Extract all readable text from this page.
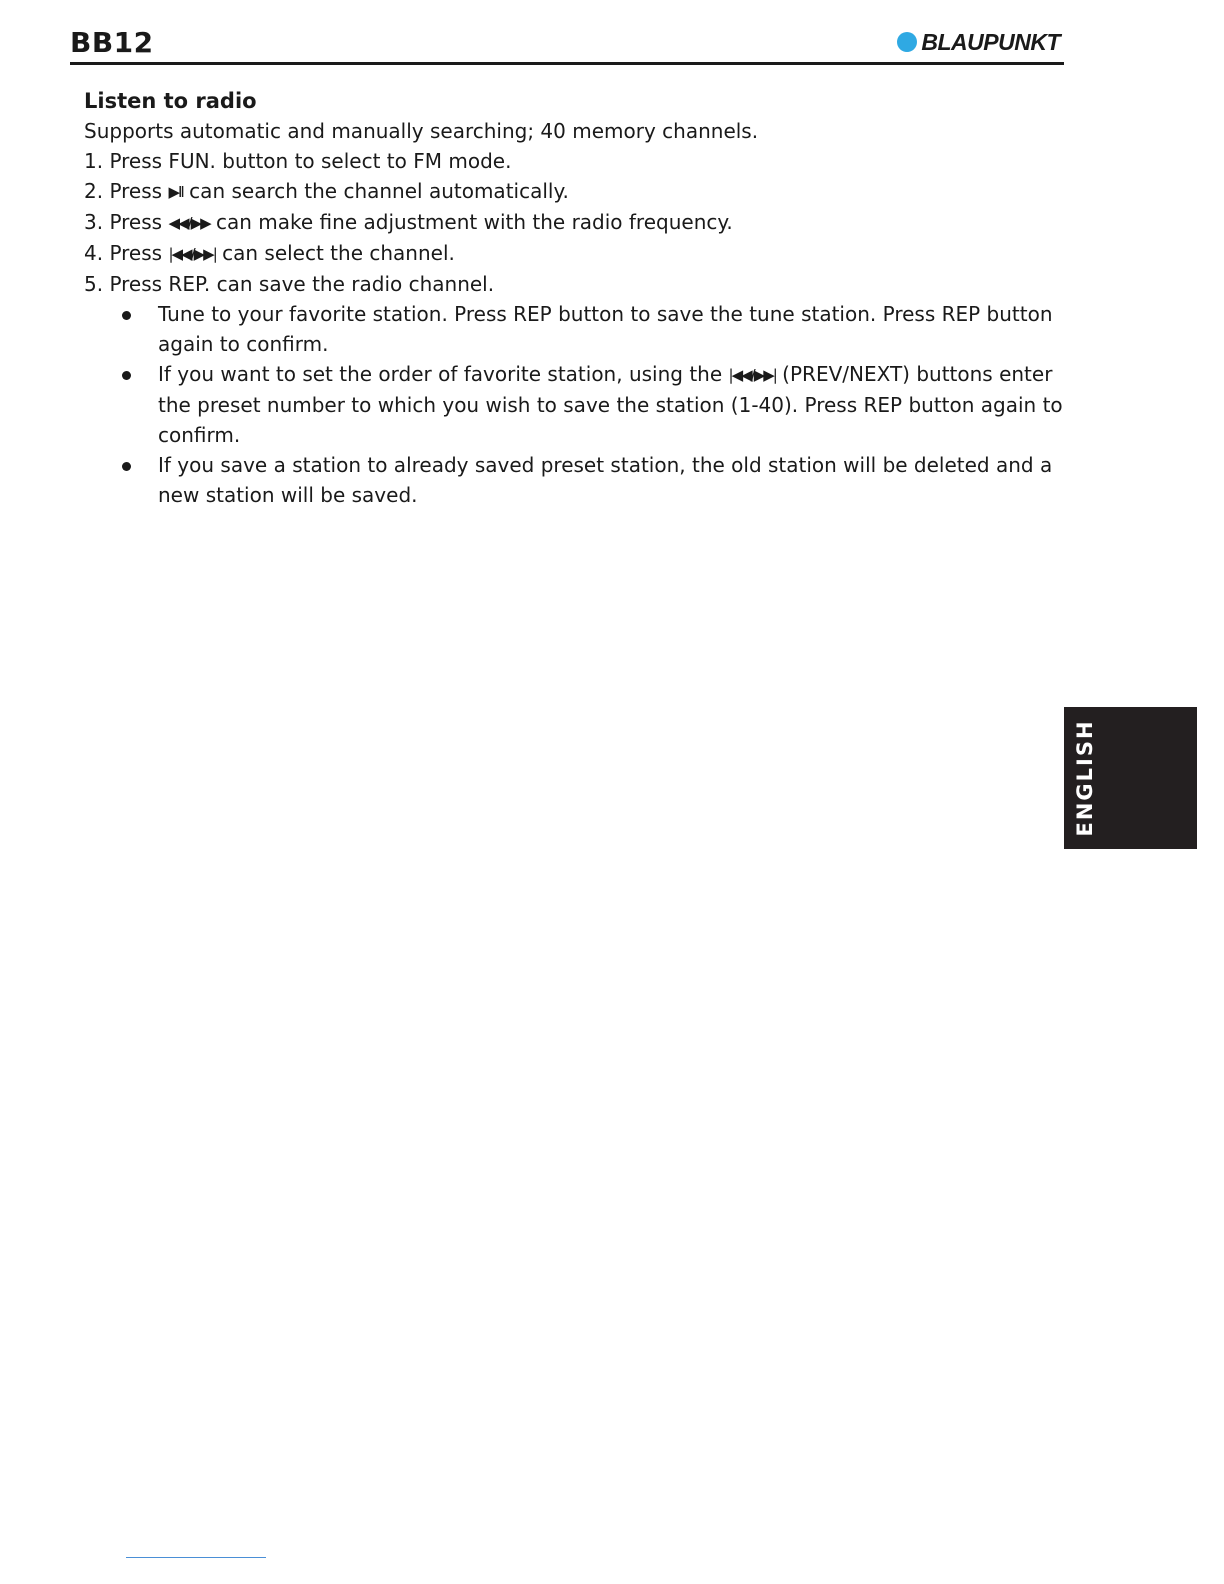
BB12	BLAUPUNKT
Listen to radio
Supports automatic and manually searching; 40 memory channels.
1. Press FUN. button to select to FM mode.
2. Press ▶II can search the channel automatically.
3. Press ◀◀/▶▶ can make fine adjustment with the radio frequency.
4. Press |◀◀/▶▶| can select the channel.
5. Press REP. can save the radio channel.
Tune to your favorite station. Press REP button to save the tune station. Press REP button again to confirm.
If you want to set the order of favorite station, using the |◀◀/▶▶| (PREV/NEXT) buttons enter the preset number to which you wish to save the station (1-40). Press REP button again to confirm.
If you save a station to already saved preset station, the old station will be deleted and a new station will be saved.
ENGLISH
